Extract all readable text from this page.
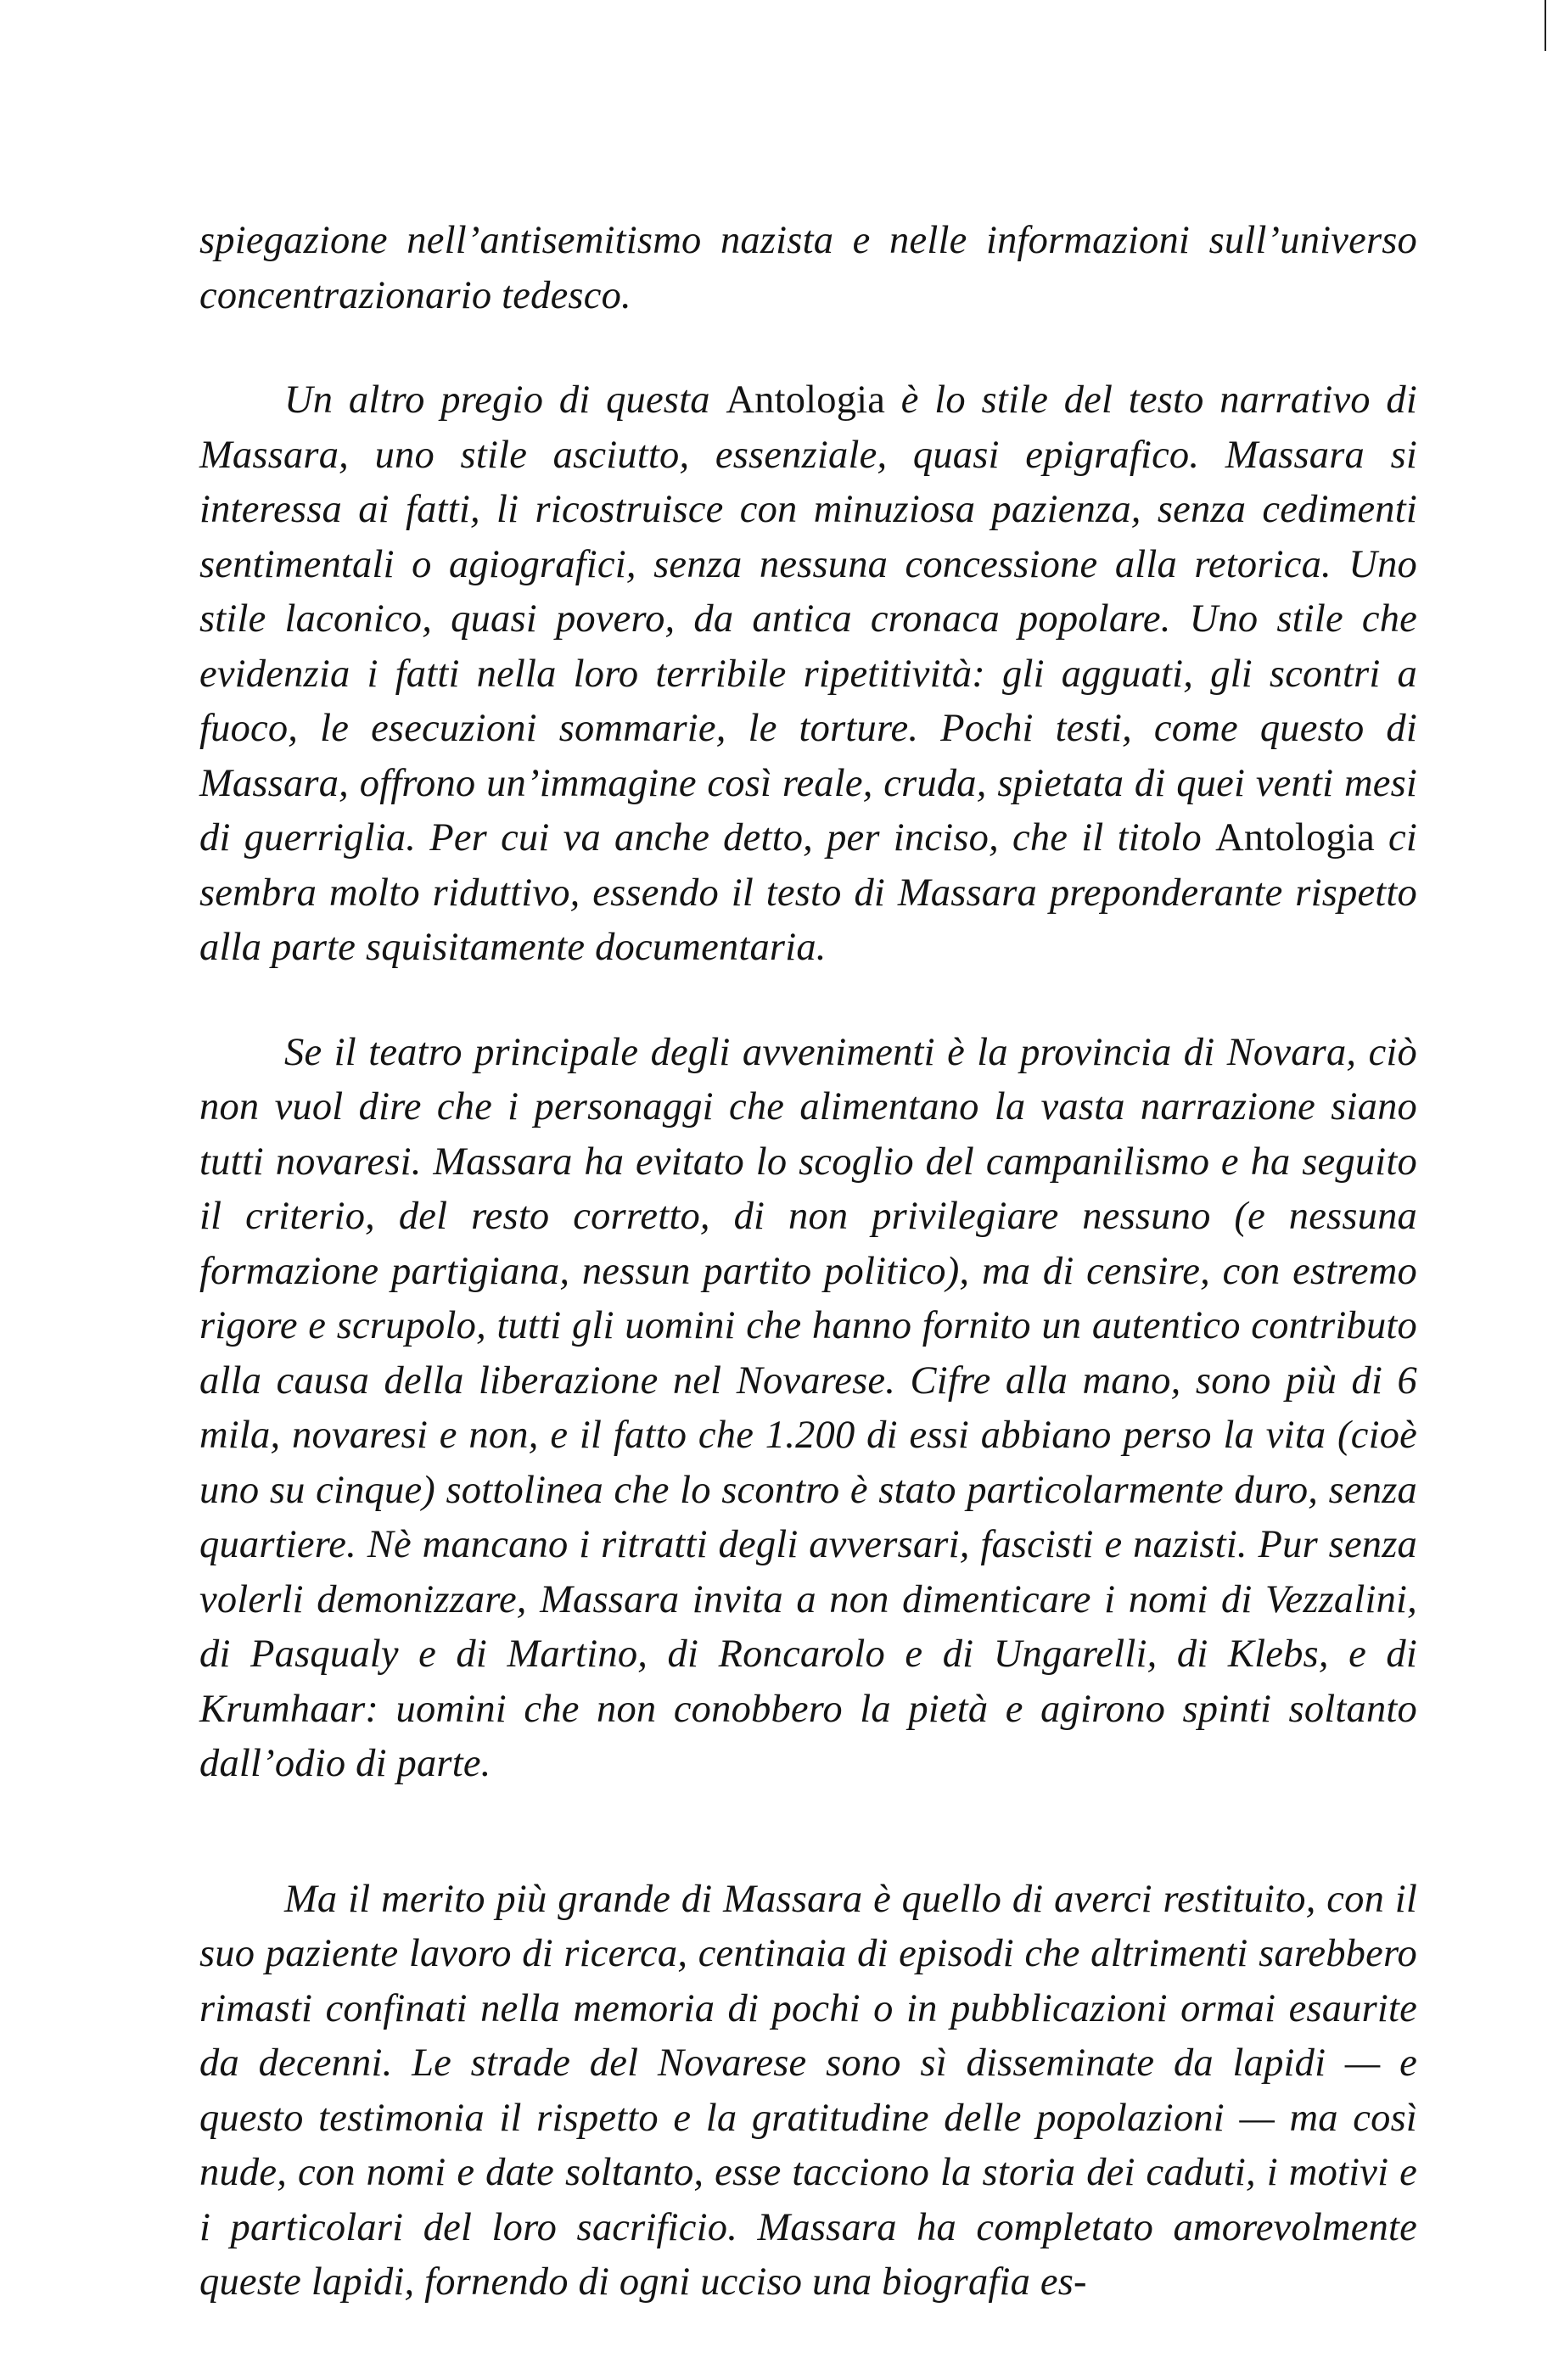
spiegazione nell’antisemitismo nazista e nelle informazioni sull’universo concentrazionario tedesco.

Un altro pregio di questa Antologia è lo stile del testo narrativo di Massara, uno stile asciutto, essenziale, quasi epigrafico. Massara si interessa ai fatti, li ricostruisce con minuziosa pazienza, senza cedimenti sentimentali o agiografici, senza nessuna concessione alla retorica. Uno stile laconico, quasi povero, da antica cronaca popolare. Uno stile che evidenzia i fatti nella loro terribile ripetitività: gli agguati, gli scontri a fuoco, le esecuzioni sommarie, le torture. Pochi testi, come questo di Massara, offrono un’immagine così reale, cruda, spietata di quei venti mesi di guerriglia. Per cui va anche detto, per inciso, che il titolo Antologia ci sembra molto riduttivo, essendo il testo di Massara preponderante rispetto alla parte squisitamente documentaria.

Se il teatro principale degli avvenimenti è la provincia di Novara, ciò non vuol dire che i personaggi che alimentano la vasta narrazione siano tutti novaresi. Massara ha evitato lo scoglio del campanilismo e ha seguito il criterio, del resto corretto, di non privilegiare nessuno (e nessuna formazione partigiana, nessun partito politico), ma di censire, con estremo rigore e scrupolo, tutti gli uomini che hanno fornito un autentico contributo alla causa della liberazione nel Novarese. Cifre alla mano, sono più di 6 mila, novaresi e non, e il fatto che 1.200 di essi abbiano perso la vita (cioè uno su cinque) sottolinea che lo scontro è stato particolarmente duro, senza quartiere. Nè mancano i ritratti degli avversari, fascisti e nazisti. Pur senza volerli demonizzare, Massara invita a non dimenticare i nomi di Vezzalini, di Pasqualy e di Martino, di Roncarolo e di Ungarelli, di Klebs, e di Krumhaar: uomini che non conobbero la pietà e agirono spinti soltanto dall’odio di parte.

Ma il merito più grande di Massara è quello di averci restituito, con il suo paziente lavoro di ricerca, centinaia di episodi che altrimenti sarebbero rimasti confinati nella memoria di pochi o in pubblicazioni ormai esaurite da decenni. Le strade del Novarese sono sì disseminate da lapidi — e questo testimonia il rispetto e la gratitudine delle popolazioni — ma così nude, con nomi e date soltanto, esse tacciono la storia dei caduti, i motivi e i particolari del loro sacrificio. Massara ha completato amorevolmente queste lapidi, fornendo di ogni ucciso una biografia es-
